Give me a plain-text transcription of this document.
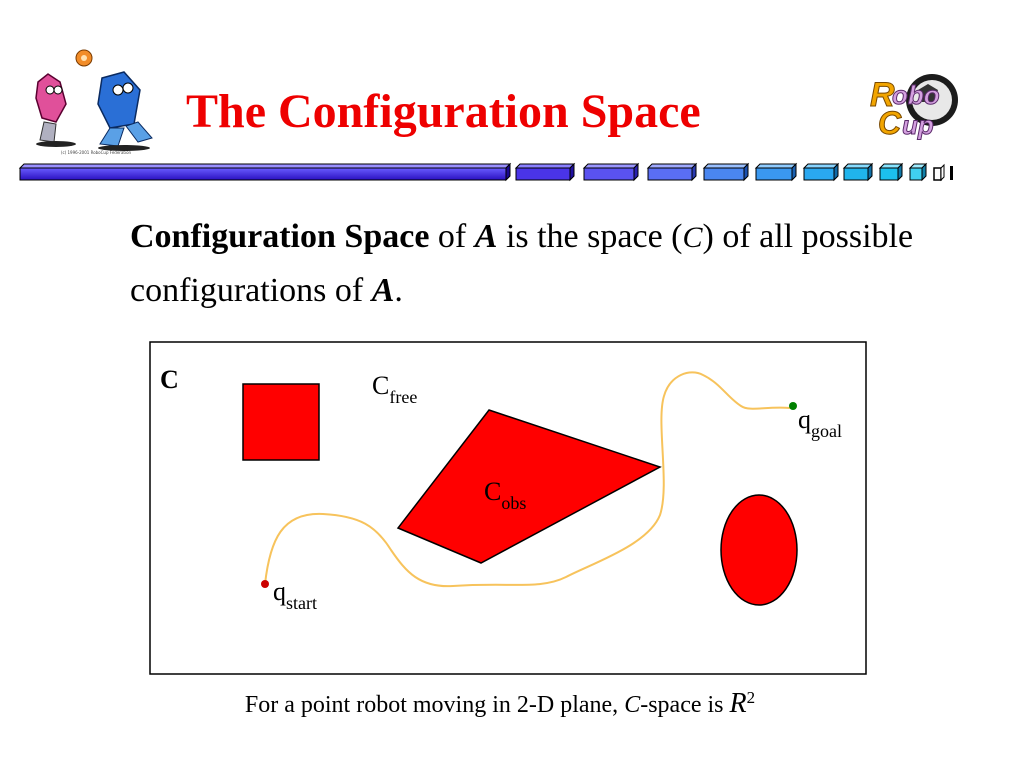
(c) 1996-2001 RoboCup Federation
The Configuration Space	R
obo
C up
Configuration Space of A is the space (C) of all possible configurations of A.
C	$C_{free}$
$C_{obs}$
$q_{start}$
$q_{goal}$
For a point robot moving in 2-D plane, C-space is $R^2$
